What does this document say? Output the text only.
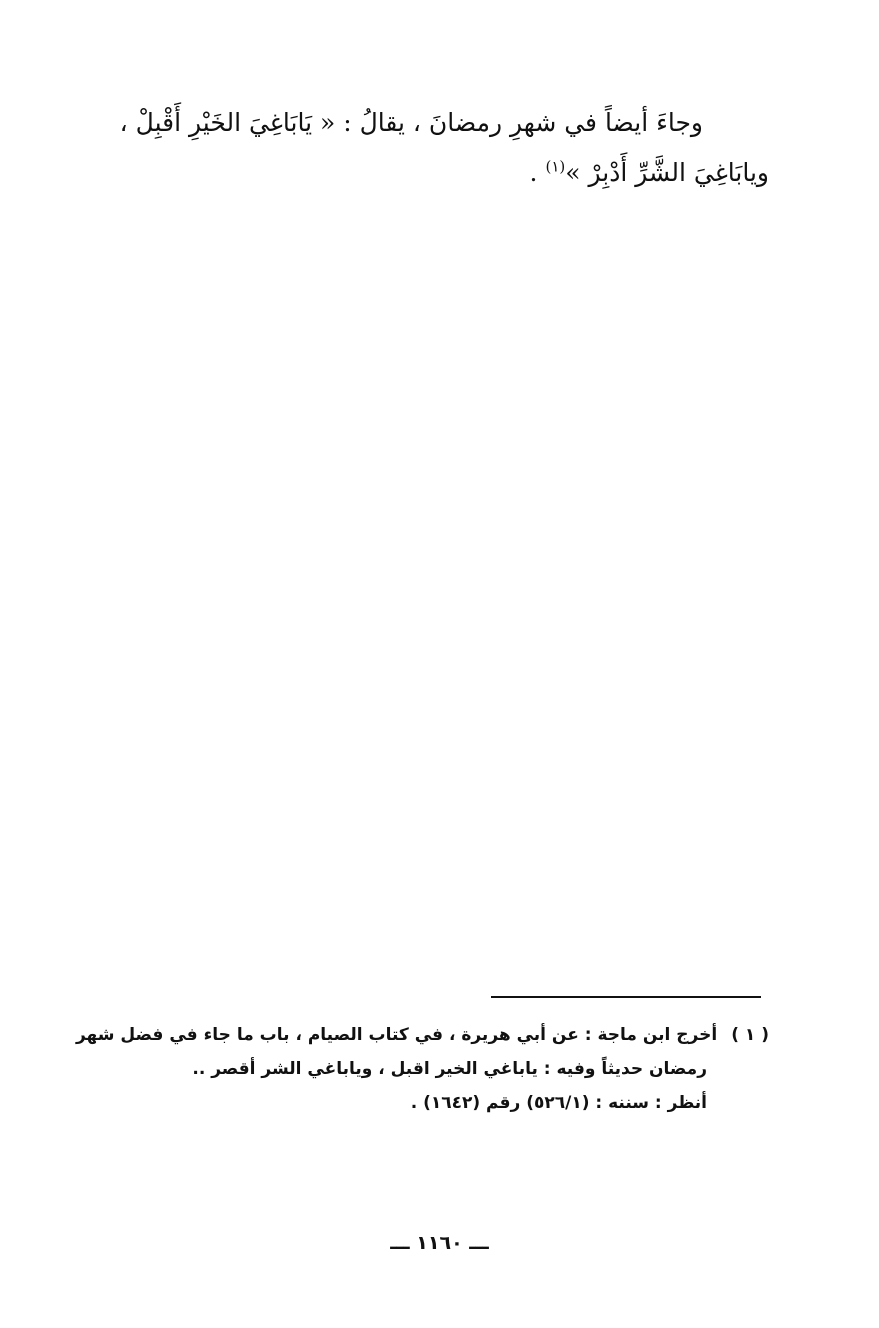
وجاءَ أيضاً في شهرِ رمضانَ ، يقالُ : « يَابَاغِيَ الخَيْرِ أَقْبِلْ ،
ويابَاغِيَ الشَّرِّ أَدْبِرْ »$^{(١)}$ .
( ١ )أخرج ابن ماجة : عن أبي هريرة ، في كتاب الصيام ، باب ما جاء في فضل شهر
رمضان حديثاً وفيه : ياباغي الخير اقبل ، وياباغي الشر أقصر ..
أنظر : سننه : (٥٢٦/١) رقم (١٦٤٢) .
ـــ ١١٦٠ ـــ
